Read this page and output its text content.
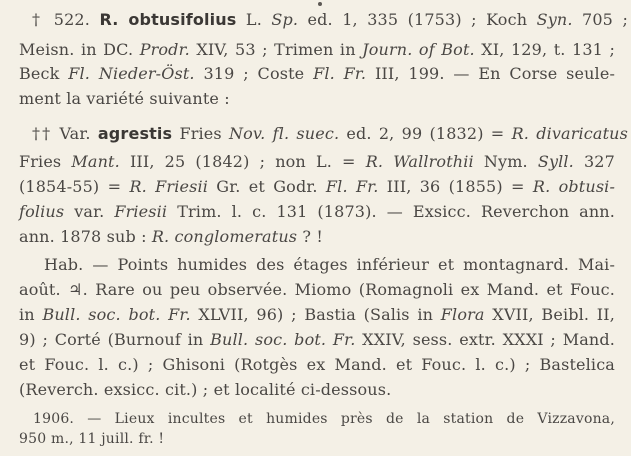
† 522. R. obtusifolius L. Sp. ed. 1, 335 (1753) ; Koch Syn. 705 ;
Meisn. in DC. Prodr. XIV, 53 ; Trimen in Journ. of Bot. XI, 129, t. 131 ;
Beck Fl. Nieder-Öst. 319 ; Coste Fl. Fr. III, 199. — En Corse seule-
ment la variété suivante :
†† Var. agrestis Fries Nov. fl. suec. ed. 2, 99 (1832) = R. divaricatus
Fries Mant. III, 25 (1842) ; non L. = R. Wallrothii Nym. Syll. 327
(1854-55) = R. Friesii Gr. et Godr. Fl. Fr. III, 36 (1855) = R. obtusi-
folius var. Friesii Trim. l. c. 131 (1873). — Exsicc. Reverchon ann.
ann. 1878 sub : R. conglomeratus ? !
Hab. — Points humides des étages inférieur et montagnard. Mai-
août. ♃. Rare ou peu observée. Miomo (Romagnoli ex Mand. et Fouc.
in Bull. soc. bot. Fr. XLVII, 96) ; Bastia (Salis in Flora XVII, Beibl. II,
9) ; Corté (Burnouf in Bull. soc. bot. Fr. XXIV, sess. extr. XXXI ; Mand.
et Fouc. l. c.) ; Ghisoni (Rotgès ex Mand. et Fouc. l. c.) ; Bastelica
(Reverch. exsicc. cit.) ; et localité ci-dessous.
1906. — Lieux incultes et humides près de la station de Vizzavona,
950 m., 11 juill. fr. !
